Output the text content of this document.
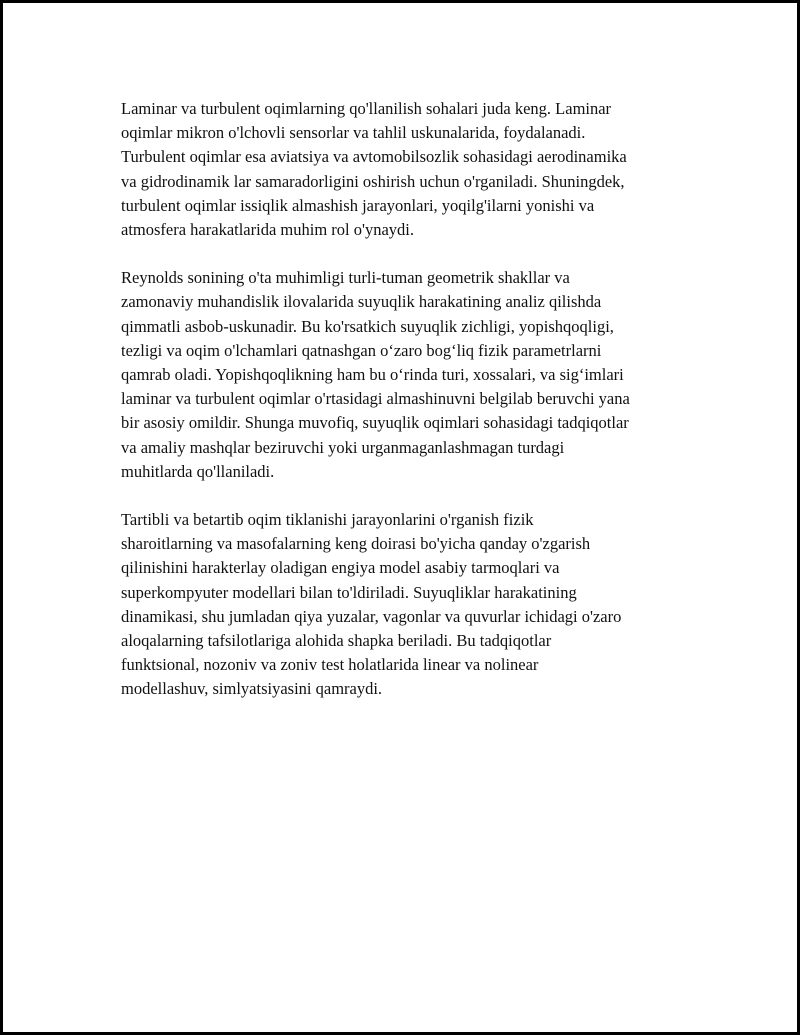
Laminar va turbulent oqimlarning qo'llanilish sohalari juda keng. Laminar
oqimlar mikron o'lchovli sensorlar va tahlil uskunalarida, foydalanadi.
Turbulent oqimlar esa aviatsiya va avtomobilsozlik sohasidagi aerodinamika
va gidrodinamik lar samaradorligini oshirish uchun o'rganiladi. Shuningdek,
turbulent oqimlar issiqlik almashish jarayonlari, yoqilg'ilarni yonishi va
atmosfera harakatlarida muhim rol o'ynaydi.

Reynolds sonining o'ta muhimligi turli-tuman geometrik shakllar va
zamonaviy muhandislik ilovalarida suyuqlik harakatining analiz qilishda
qimmatli asbob-uskunadir. Bu ko'rsatkich suyuqlik zichligi, yopishqoqligi,
tezligi va oqim o'lchamlari qatnashgan o‘zaro bog‘liq fizik parametrlarni
qamrab oladi. Yopishqoqlikning ham bu o‘rinda turi, xossalari, va sig‘imlari
laminar va turbulent oqimlar o'rtasidagi almashinuvni belgilab beruvchi yana
bir asosiy omildir. Shunga muvofiq, suyuqlik oqimlari sohasidagi tadqiqotlar
va amaliy mashqlar beziruvchi yoki urganmaganlashmagan turdagi
muhitlarda qo'llaniladi.

Tartibli va betartib oqim tiklanishi jarayonlarini o'rganish fizik
sharoitlarning va masofalarning keng doirasi bo'yicha qanday o'zgarish
qilinishini harakterlay oladigan engiya model asabiy tarmoqlari va
superkompyuter modellari bilan to'ldiriladi. Suyuqliklar harakatining
dinamikasi, shu jumladan qiya yuzalar, vagonlar va quvurlar ichidagi o'zaro
aloqalarning tafsilotlariga alohida shapka beriladi. Bu tadqiqotlar
funktsional, nozoniv va zoniv test holatlarida linear va nolinear
modellashuv, simlyatsiyasini qamraydi.
